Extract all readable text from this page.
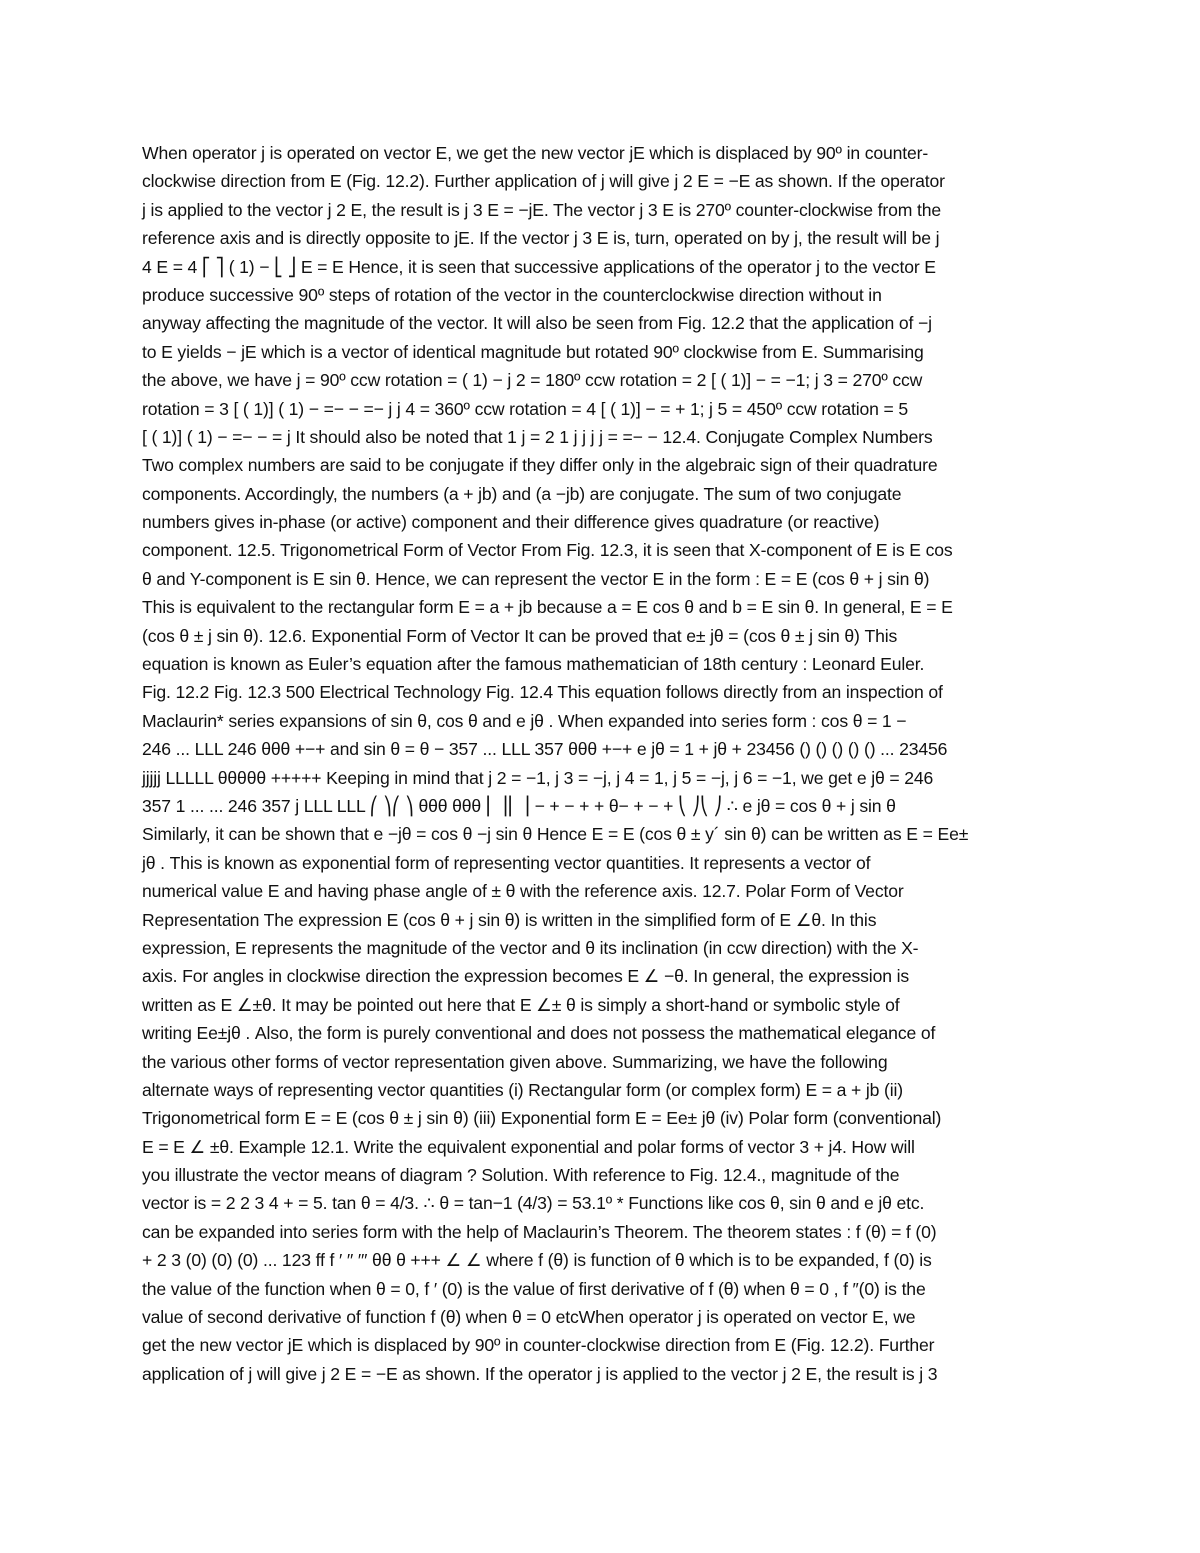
When operator j is operated on vector E, we get the new vector jE which is displaced by 90º in counter-
clockwise direction from E (Fig. 12.2). Further application of j will give j 2 E = −E as shown. If the operator
j is applied to the vector j 2 E, the result is j 3 E = −jE. The vector j 3 E is 270º counter-clockwise from the
reference axis and is directly opposite to jE. If the vector j 3 E is, turn, operated on by j, the result will be j
4 E = 4 ⎡ ⎤ ( 1) − ⎣ ⎦ E = E Hence, it is seen that successive applications of the operator j to the vector E
produce successive 90º steps of rotation of the vector in the counterclockwise direction without in
anyway affecting the magnitude of the vector. It will also be seen from Fig. 12.2 that the application of −j
to E yields − jE which is a vector of identical magnitude but rotated 90º clockwise from E. Summarising
the above, we have j = 90º ccw rotation = ( 1) − j 2 = 180º ccw rotation = 2 [ ( 1)] − = −1; j 3 = 270º ccw
rotation = 3 [ ( 1)] ( 1) − =− − =− j j 4 = 360º ccw rotation = 4 [ ( 1)] − = + 1; j 5 = 450º ccw rotation = 5
[ ( 1)] ( 1) − =− − = j It should also be noted that 1 j = 2 1 j j j j = =− − 12.4. Conjugate Complex Numbers
Two complex numbers are said to be conjugate if they differ only in the algebraic sign of their quadrature
components. Accordingly, the numbers (a + jb) and (a −jb) are conjugate. The sum of two conjugate
numbers gives in-phase (or active) component and their difference gives quadrature (or reactive)
component. 12.5. Trigonometrical Form of Vector From Fig. 12.3, it is seen that X-component of E is E cos
θ and Y-component is E sin θ. Hence, we can represent the vector E in the form : E = E (cos θ + j sin θ)
This is equivalent to the rectangular form E = a + jb because a = E cos θ and b = E sin θ. In general, E = E
(cos θ ± j sin θ). 12.6. Exponential Form of Vector It can be proved that e± jθ = (cos θ ± j sin θ) This
equation is known as Euler’s equation after the famous mathematician of 18th century : Leonard Euler.
Fig. 12.2 Fig. 12.3 500 Electrical Technology Fig. 12.4 This equation follows directly from an inspection of
Maclaurin* series expansions of sin θ, cos θ and e jθ . When expanded into series form : cos θ = 1 −
246 ... LLL 246 θθθ +−+ and sin θ = θ − 357 ... LLL 357 θθθ +−+ e jθ = 1 + jθ + 23456 () () () () () ... 23456
jjjjj LLLLL θθθθθ +++++ Keeping in mind that j 2 = −1, j 3 = −j, j 4 = 1, j 5 = −j, j 6 = −1, we get e jθ = 246
357 1 ... ... 246 357 j LLL LLL ⎛ ⎞⎛ ⎞ θθθ θθθ ⎜ ⎟⎜ ⎟ − + − + + θ− + − + ⎝ ⎠⎝ ⎠ ∴ e jθ = cos θ + j sin θ
Similarly, it can be shown that e −jθ = cos θ −j sin θ Hence E = E (cos θ ± y´ sin θ) can be written as E = Ee±
jθ . This is known as exponential form of representing vector quantities. It represents a vector of
numerical value E and having phase angle of ± θ with the reference axis. 12.7. Polar Form of Vector
Representation The expression E (cos θ + j sin θ) is written in the simplified form of E ∠θ. In this
expression, E represents the magnitude of the vector and θ its inclination (in ccw direction) with the X-
axis. For angles in clockwise direction the expression becomes E ∠ −θ. In general, the expression is
written as E ∠±θ. It may be pointed out here that E ∠± θ is simply a short-hand or symbolic style of
writing Ee±jθ . Also, the form is purely conventional and does not possess the mathematical elegance of
the various other forms of vector representation given above. Summarizing, we have the following
alternate ways of representing vector quantities (i) Rectangular form (or complex form) E = a + jb (ii)
Trigonometrical form E = E (cos θ ± j sin θ) (iii) Exponential form E = Ee± jθ (iv) Polar form (conventional)
E = E ∠ ±θ. Example 12.1. Write the equivalent exponential and polar forms of vector 3 + j4. How will
you illustrate the vector means of diagram ? Solution. With reference to Fig. 12.4., magnitude of the
vector is = 2 2 3 4 + = 5. tan θ = 4/3. ∴ θ = tan−1 (4/3) = 53.1º * Functions like cos θ, sin θ and e jθ etc.
can be expanded into series form with the help of Maclaurin’s Theorem. The theorem states : f (θ) = f (0)
+ 2 3 (0) (0) (0) ... 123 ff f ′ ′′ ′′′ θθ θ +++ ∠ ∠ where f (θ) is function of θ which is to be expanded, f (0) is
the value of the function when θ = 0, f ′ (0) is the value of first derivative of f (θ) when θ = 0 , f ″(0) is the
value of second derivative of function f (θ) when θ = 0 etcWhen operator j is operated on vector E, we
get the new vector jE which is displaced by 90º in counter-clockwise direction from E (Fig. 12.2). Further
application of j will give j 2 E = −E as shown. If the operator j is applied to the vector j 2 E, the result is j 3
